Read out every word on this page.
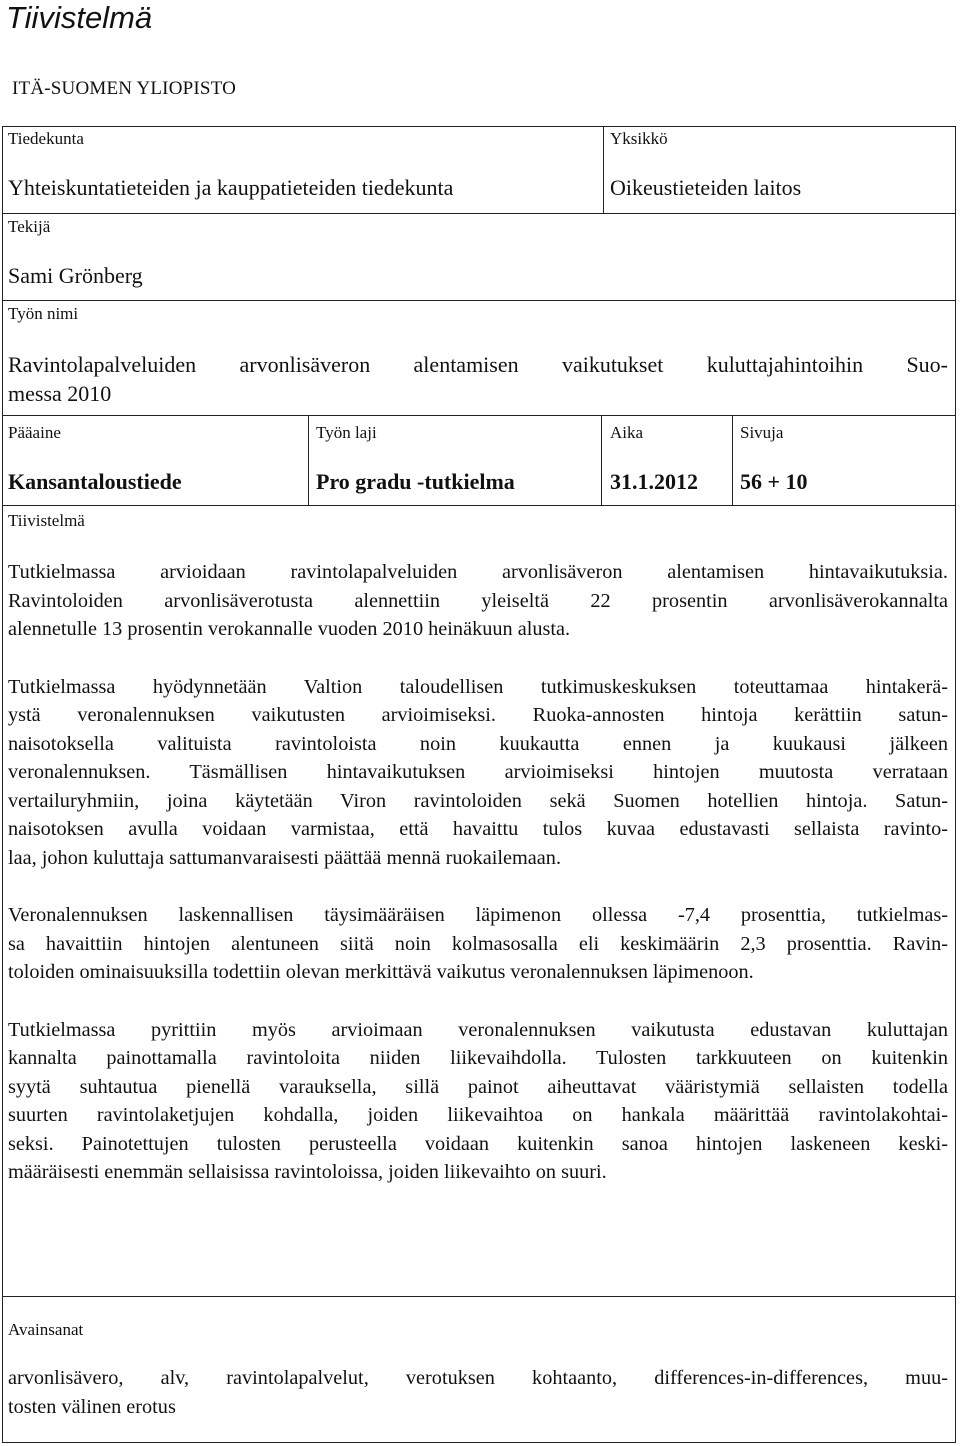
Tiivistelmä
ITÄ-SUOMEN YLIOPISTO
Tiedekunta
Yhteiskuntatieteiden ja kauppatieteiden tiedekunta
Yksikkö
Oikeustieteiden laitos
Tekijä
Sami Grönberg
Työn nimi
Ravintolapalveluiden arvonlisäveron alentamisen vaikutukset kuluttajahintoihin Suo-
messa 2010
Pääaine
Kansantaloustiede
Työn laji
Pro gradu -tutkielma
Aika
31.1.2012
Sivuja
56 + 10
Tiivistelmä

Tutkielmassa arvioidaan ravintolapalveluiden arvonlisäveron alentamisen hintavaikutuksia.
Ravintoloiden arvonlisäverotusta alennettiin yleiseltä 22 prosentin arvonlisäverokannalta
alennetulle 13 prosentin verokannalle vuoden 2010 heinäkuun alusta.

Tutkielmassa hyödynnetään Valtion taloudellisen tutkimuskeskuksen toteuttamaa hintakerä-
ystä veronalennuksen vaikutusten arvioimiseksi. Ruoka-annosten hintoja kerättiin satun-
naisotoksella valituista ravintoloista noin kuukautta ennen ja kuukausi jälkeen
veronalennuksen. Täsmällisen hintavaikutuksen arvioimiseksi hintojen muutosta verrataan
vertailuryhmiin, joina käytetään Viron ravintoloiden sekä Suomen hotellien hintoja. Satun-
naisotoksen avulla voidaan varmistaa, että havaittu tulos kuvaa edustavasti sellaista ravinto-
laa, johon kuluttaja sattumanvaraisesti päättää mennä ruokailemaan.

Veronalennuksen laskennallisen täysimääräisen läpimenon ollessa -7,4 prosenttia, tutkielmas-
sa havaittiin hintojen alentuneen siitä noin kolmasosalla eli keskimäärin 2,3 prosenttia. Ravin-
toloiden ominaisuuksilla todettiin olevan merkittävä vaikutus veronalennuksen läpimenoon.

Tutkielmassa pyrittiin myös arvioimaan veronalennuksen vaikutusta edustavan kuluttajan
kannalta painottamalla ravintoloita niiden liikevaihdolla. Tulosten tarkkuuteen on kuitenkin
syytä suhtautua pienellä varauksella, sillä painot aiheuttavat vääristymiä sellaisten todella
suurten ravintolaketjujen kohdalla, joiden liikevaihtoa on hankala määrittää ravintolakohtai-
seksi. Painotettujen tulosten perusteella voidaan kuitenkin sanoa hintojen laskeneen keski-
määräisesti enemmän sellaisissa ravintoloissa, joiden liikevaihto on suuri.

Avainsanat
arvonlisävero, alv, ravintolapalvelut, verotuksen kohtaanto, differences-in-differences, muu-
tosten välinen erotus
